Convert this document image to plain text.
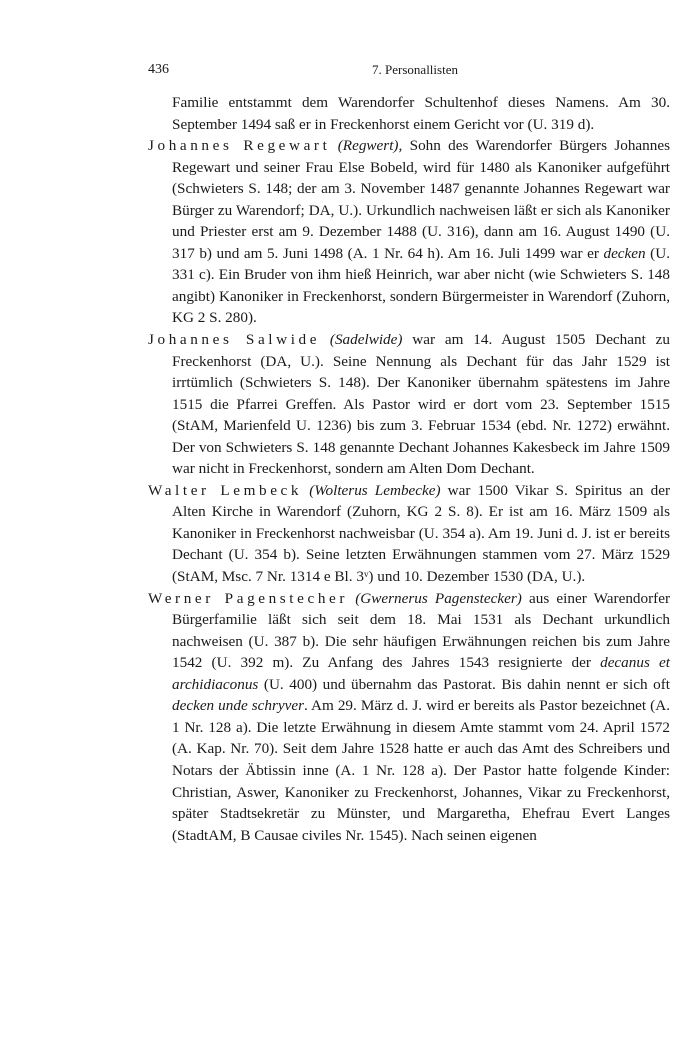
436	7. Personallisten

Familie entstammt dem Warendorfer Schultenhof dieses Namens. Am 30. September 1494 saß er in Freckenhorst einem Gericht vor (U. 319 d).

Johannes Regewart (Regwert), Sohn des Warendorfer Bürgers Johannes Regewart und seiner Frau Else Bobeld, wird für 1480 als Kanoniker aufgeführt (Schwieters S. 148; der am 3. November 1487 genannte Johannes Regewart war Bürger zu Warendorf; DA, U.). Urkundlich nachweisen läßt er sich als Kanoniker und Priester erst am 9. Dezember 1488 (U. 316), dann am 16. August 1490 (U. 317 b) und am 5. Juni 1498 (A. 1 Nr. 64 h). Am 16. Juli 1499 war er decken (U. 331 c). Ein Bruder von ihm hieß Heinrich, war aber nicht (wie Schwieters S. 148 angibt) Kanoniker in Freckenhorst, sondern Bürgermeister in Warendorf (Zuhorn, KG 2 S. 280).

Johannes Salwide (Sadelwide) war am 14. August 1505 Dechant zu Freckenhorst (DA, U.). Seine Nennung als Dechant für das Jahr 1529 ist irrtümlich (Schwieters S. 148). Der Kanoniker übernahm spätestens im Jahre 1515 die Pfarrei Greffen. Als Pastor wird er dort vom 23. September 1515 (StAM, Marienfeld U. 1236) bis zum 3. Februar 1534 (ebd. Nr. 1272) erwähnt. Der von Schwieters S. 148 genannte Dechant Johannes Kakesbeck im Jahre 1509 war nicht in Freckenhorst, sondern am Alten Dom Dechant.

Walter Lembeck (Wolterus Lembecke) war 1500 Vikar S. Spiritus an der Alten Kirche in Warendorf (Zuhorn, KG 2 S. 8). Er ist am 16. März 1509 als Kanoniker in Freckenhorst nachweisbar (U. 354 a). Am 19. Juni d. J. ist er bereits Dechant (U. 354 b). Seine letzten Erwähnungen stammen vom 27. März 1529 (StAM, Msc. 7 Nr. 1314 e Bl. 3ᵛ) und 10. Dezember 1530 (DA, U.).

Werner Pagenstecher (Gwernerus Pagenstecker) aus einer Warendorfer Bürgerfamilie läßt sich seit dem 18. Mai 1531 als Dechant urkundlich nachweisen (U. 387 b). Die sehr häufigen Erwähnungen reichen bis zum Jahre 1542 (U. 392 m). Zu Anfang des Jahres 1543 resignierte der decanus et archidiaconus (U. 400) und übernahm das Pastorat. Bis dahin nennt er sich oft decken unde schryver. Am 29. März d. J. wird er bereits als Pastor bezeichnet (A. 1 Nr. 128 a). Die letzte Erwähnung in diesem Amte stammt vom 24. April 1572 (A. Kap. Nr. 70). Seit dem Jahre 1528 hatte er auch das Amt des Schreibers und Notars der Äbtissin inne (A. 1 Nr. 128 a). Der Pastor hatte folgende Kinder: Christian, Aswer, Kanoniker zu Freckenhorst, Johannes, Vikar zu Freckenhorst, später Stadtsekretär zu Münster, und Margaretha, Ehefrau Evert Langes (StadtAM, B Causae civiles Nr. 1545). Nach seinen eigenen
